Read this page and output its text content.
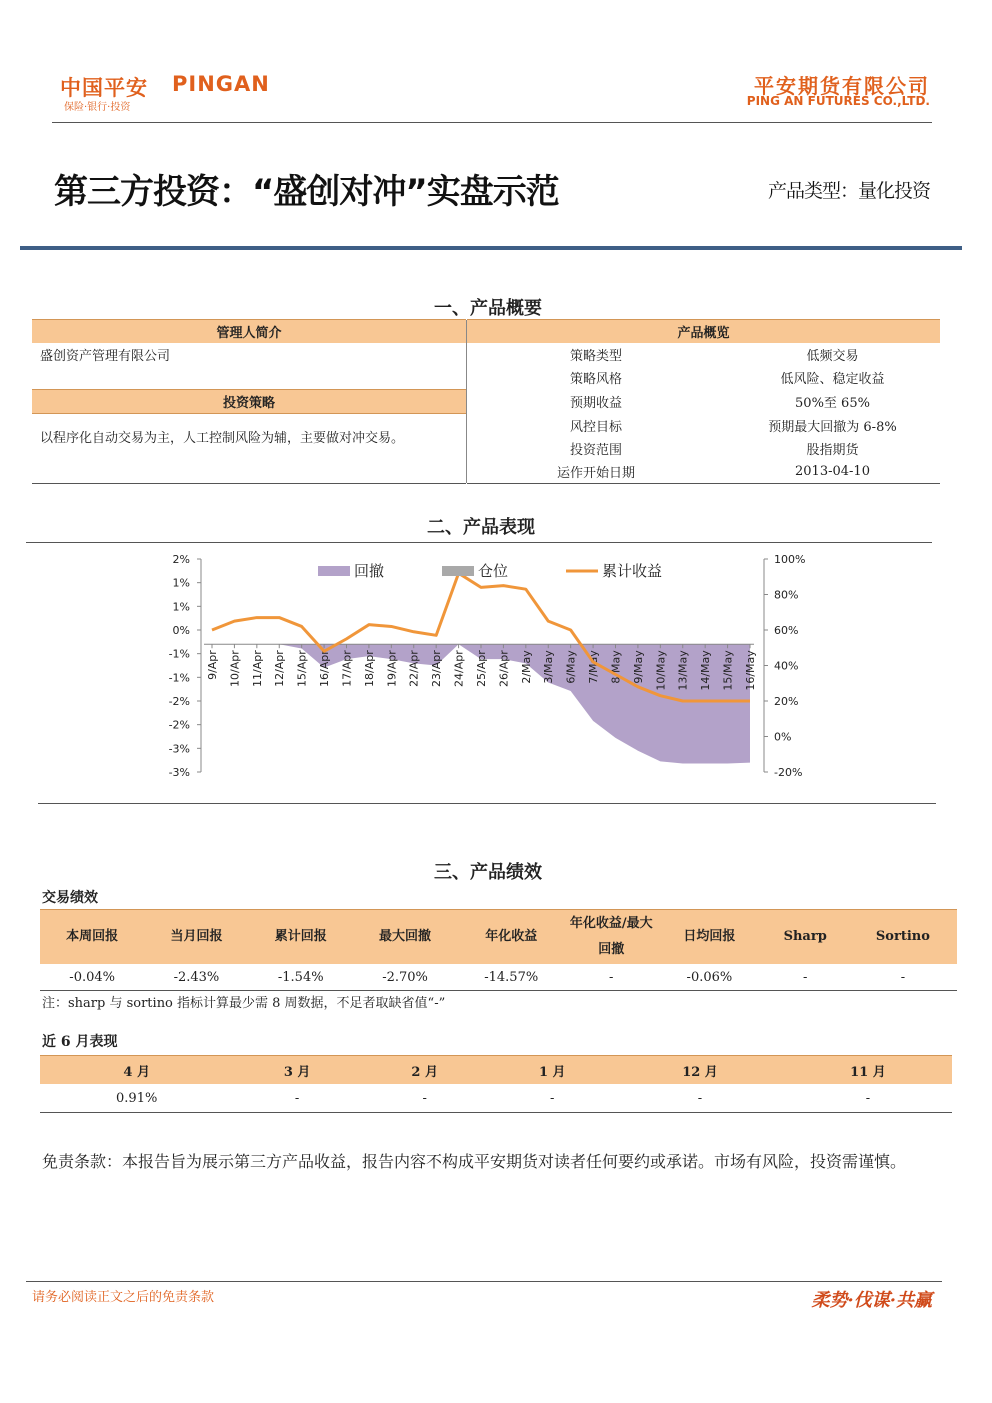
中国平安 PINGAN
保险·银行·投资
平安期货有限公司
PING AN FUTURES CO.,LTD.
第三方投资：“盛创对冲”实盘示范	产品类型：量化投资
一、产品概要
管理人简介		产品概览	
盛创资产管理有限公司		策略类型	低频交易
	策略风格	低风险、稳定收益
投资策略	预期收益	50%至 65%
以程序化自动交易为主，人工控制风险为辅，主要做对冲交易。	风控目标	预期最大回撤为 6-8%
	投资范围	股指期货
	运作开始日期	2013-04-10
二、产品表现
2%
1%
1%
0%
-1%
-1%
-2%
-2%
-3%
-3%
100%
80%
60%
40%
20%
0%
-20%
9/Apr 10/Apr 11/Apr 12/Apr 15/Apr 16/Apr 17/Apr 18/Apr 19/Apr 22/Apr 23/Apr 24/Apr 25/Apr 26/Apr 2/May 3/May 6/May 7/May 8/May 9/May 10/May 13/May 14/May 15/May 16/May
回撤	仓位	累计收益
三、产品绩效
交易绩效
本周回报	当月回报	累计回报	最大回撤	年化收益	年化收益/最大回撤	日均回报	Sharp	Sortino
-0.04%	-2.43%	-1.54%	-2.70%	-14.57%	-	-0.06%	-	-
注：sharp 与 sortino 指标计算最少需 8 周数据，不足者取缺省值“-”
近 6 月表现
4 月	3 月	2 月	1 月	12 月	11 月
0.91%	-	-	-	-	-
免责条款：本报告旨为展示第三方产品收益，报告内容不构成平安期货对读者任何要约或承诺。市场有风险，投资需谨慎。
请务必阅读正文之后的免责条款	柔势·伐谋·共赢
